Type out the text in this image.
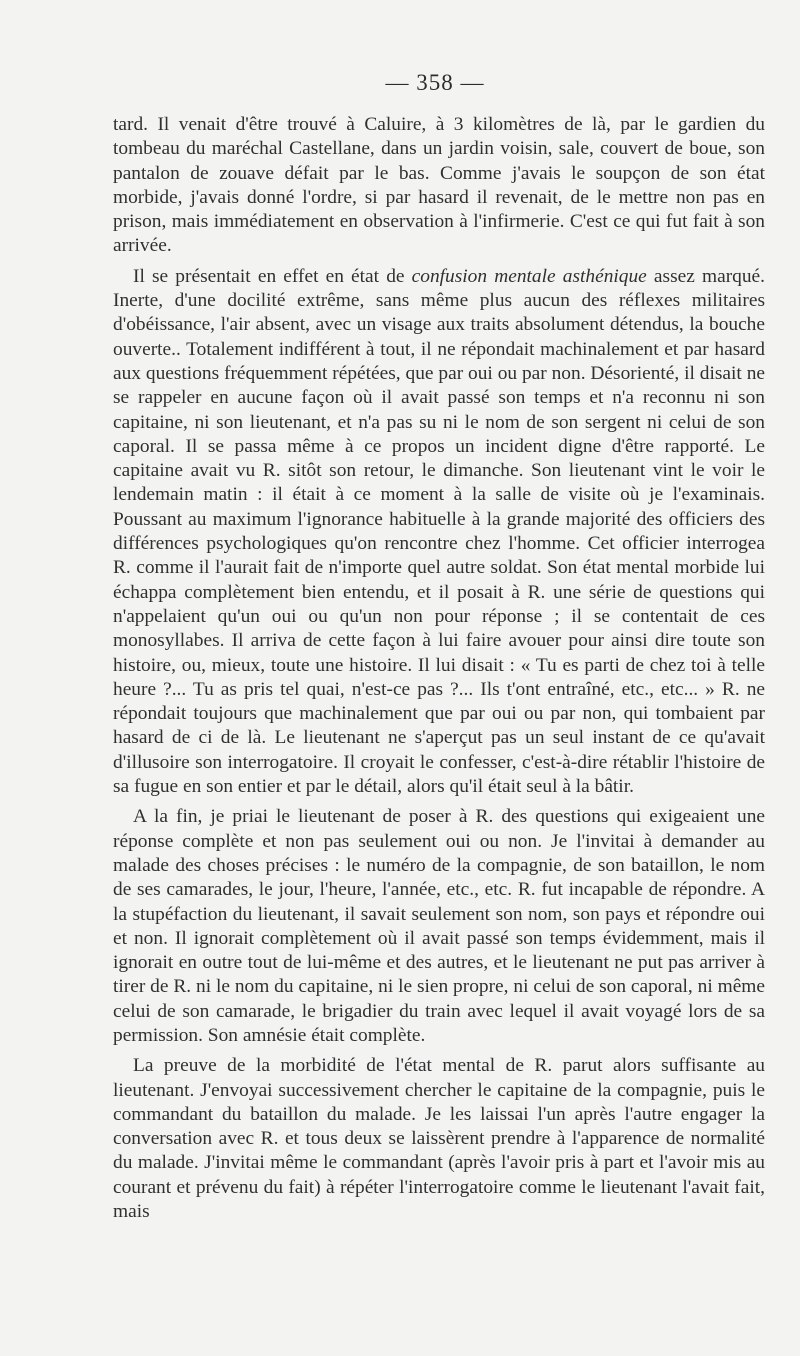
— 358 —

tard. Il venait d'être trouvé à Caluire, à 3 kilomètres de là, par le gardien du tombeau du maréchal Castellane, dans un jardin voisin, sale, couvert de boue, son pantalon de zouave défait par le bas. Comme j'avais le soupçon de son état morbide, j'avais donné l'ordre, si par hasard il revenait, de le mettre non pas en prison, mais immédiatement en observation à l'infirmerie. C'est ce qui fut fait à son arrivée.

Il se présentait en effet en état de confusion mentale asthénique assez marqué. Inerte, d'une docilité extrême, sans même plus aucun des réflexes militaires d'obéissance, l'air absent, avec un visage aux traits absolument détendus, la bouche ouverte.. Totalement indifférent à tout, il ne répondait machinalement et par hasard aux questions fréquemment répétées, que par oui ou par non. Désorienté, il disait ne se rappeler en aucune façon où il avait passé son temps et n'a reconnu ni son capitaine, ni son lieutenant, et n'a pas su ni le nom de son sergent ni celui de son caporal. Il se passa même à ce propos un incident digne d'être rapporté. Le capitaine avait vu R. sitôt son retour, le dimanche. Son lieutenant vint le voir le lendemain matin : il était à ce moment à la salle de visite où je l'examinais. Poussant au maximum l'ignorance habituelle à la grande majorité des officiers des différences psychologiques qu'on rencontre chez l'homme. Cet officier interrogea R. comme il l'aurait fait de n'importe quel autre soldat. Son état mental morbide lui échappa complètement bien entendu, et il posait à R. une série de questions qui n'appelaient qu'un oui ou qu'un non pour réponse ; il se contentait de ces monosyllabes. Il arriva de cette façon à lui faire avouer pour ainsi dire toute son histoire, ou, mieux, toute une histoire. Il lui disait : « Tu es parti de chez toi à telle heure ?... Tu as pris tel quai, n'est-ce pas ?... Ils t'ont entraîné, etc., etc... » R. ne répondait toujours que machinalement que par oui ou par non, qui tombaient par hasard de ci de là. Le lieutenant ne s'aperçut pas un seul instant de ce qu'avait d'illusoire son interrogatoire. Il croyait le confesser, c'est-à-dire rétablir l'histoire de sa fugue en son entier et par le détail, alors qu'il était seul à la bâtir.

A la fin, je priai le lieutenant de poser à R. des questions qui exigeaient une réponse complète et non pas seulement oui ou non. Je l'invitai à demander au malade des choses précises : le numéro de la compagnie, de son bataillon, le nom de ses camarades, le jour, l'heure, l'année, etc., etc. R. fut incapable de répondre. A la stupéfaction du lieutenant, il savait seulement son nom, son pays et répondre oui et non. Il ignorait complètement où il avait passé son temps évidemment, mais il ignorait en outre tout de lui-même et des autres, et le lieutenant ne put pas arriver à tirer de R. ni le nom du capitaine, ni le sien propre, ni celui de son caporal, ni même celui de son camarade, le brigadier du train avec lequel il avait voyagé lors de sa permission. Son amnésie était complète.

La preuve de la morbidité de l'état mental de R. parut alors suffisante au lieutenant. J'envoyai successivement chercher le capitaine de la compagnie, puis le commandant du bataillon du malade. Je les laissai l'un après l'autre engager la conversation avec R. et tous deux se laissèrent prendre à l'apparence de normalité du malade. J'invitai même le commandant (après l'avoir pris à part et l'avoir mis au courant et prévenu du fait) à répéter l'interrogatoire comme le lieutenant l'avait fait, mais
